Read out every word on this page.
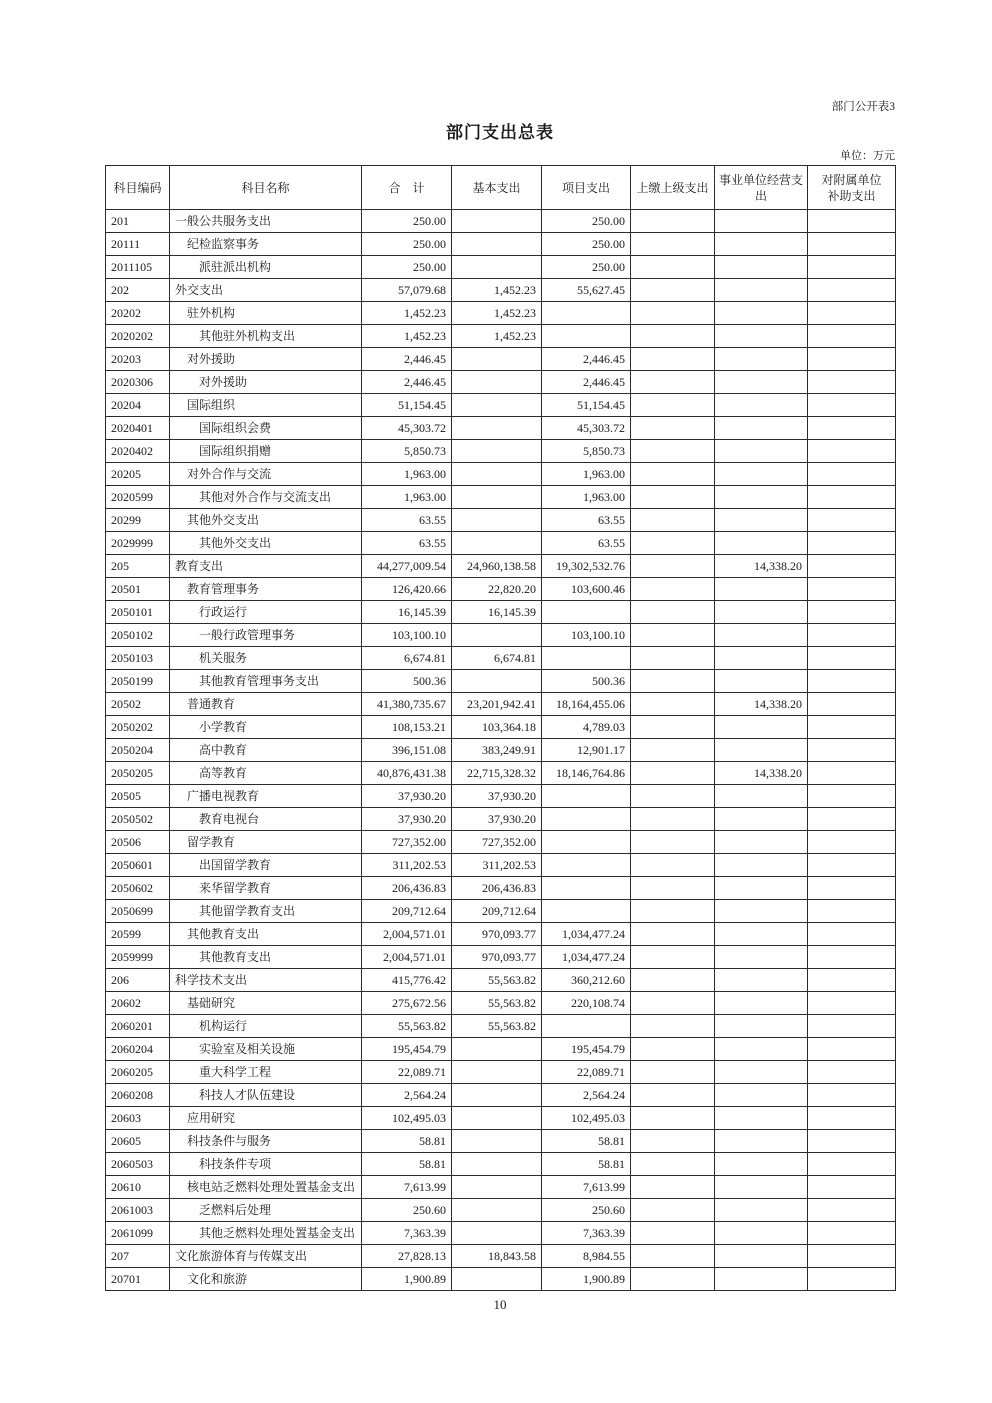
部门公开表3
部门支出总表
单位：万元
科目编码	科目名称	合　计	基本支出	项目支出	上缴上级支出	事业单位经营支出	对附属单位补助支出
201	一般公共服务支出	250.00		250.00			
20111	纪检监察事务	250.00		250.00			
2011105	派驻派出机构	250.00		250.00			
202	外交支出	57,079.68	1,452.23	55,627.45			
20202	驻外机构	1,452.23	1,452.23				
2020202	其他驻外机构支出	1,452.23	1,452.23				
20203	对外援助	2,446.45		2,446.45			
2020306	对外援助	2,446.45		2,446.45			
20204	国际组织	51,154.45		51,154.45			
2020401	国际组织会费	45,303.72		45,303.72			
2020402	国际组织捐赠	5,850.73		5,850.73			
20205	对外合作与交流	1,963.00		1,963.00			
2020599	其他对外合作与交流支出	1,963.00		1,963.00			
20299	其他外交支出	63.55		63.55			
2029999	其他外交支出	63.55		63.55			
205	教育支出	44,277,009.54	24,960,138.58	19,302,532.76		14,338.20	
20501	教育管理事务	126,420.66	22,820.20	103,600.46			
2050101	行政运行	16,145.39	16,145.39				
2050102	一般行政管理事务	103,100.10		103,100.10			
2050103	机关服务	6,674.81	6,674.81				
2050199	其他教育管理事务支出	500.36		500.36			
20502	普通教育	41,380,735.67	23,201,942.41	18,164,455.06		14,338.20	
2050202	小学教育	108,153.21	103,364.18	4,789.03			
2050204	高中教育	396,151.08	383,249.91	12,901.17			
2050205	高等教育	40,876,431.38	22,715,328.32	18,146,764.86		14,338.20	
20505	广播电视教育	37,930.20	37,930.20				
2050502	教育电视台	37,930.20	37,930.20				
20506	留学教育	727,352.00	727,352.00				
2050601	出国留学教育	311,202.53	311,202.53				
2050602	来华留学教育	206,436.83	206,436.83				
2050699	其他留学教育支出	209,712.64	209,712.64				
20599	其他教育支出	2,004,571.01	970,093.77	1,034,477.24			
2059999	其他教育支出	2,004,571.01	970,093.77	1,034,477.24			
206	科学技术支出	415,776.42	55,563.82	360,212.60			
20602	基础研究	275,672.56	55,563.82	220,108.74			
2060201	机构运行	55,563.82	55,563.82				
2060204	实验室及相关设施	195,454.79		195,454.79			
2060205	重大科学工程	22,089.71		22,089.71			
2060208	科技人才队伍建设	2,564.24		2,564.24			
20603	应用研究	102,495.03		102,495.03			
20605	科技条件与服务	58.81		58.81			
2060503	科技条件专项	58.81		58.81			
20610	核电站乏燃料处理处置基金支出	7,613.99		7,613.99			
2061003	乏燃料后处理	250.60		250.60			
2061099	其他乏燃料处理处置基金支出	7,363.39		7,363.39			
207	文化旅游体育与传媒支出	27,828.13	18,843.58	8,984.55			
20701	文化和旅游	1,900.89		1,900.89			
10
